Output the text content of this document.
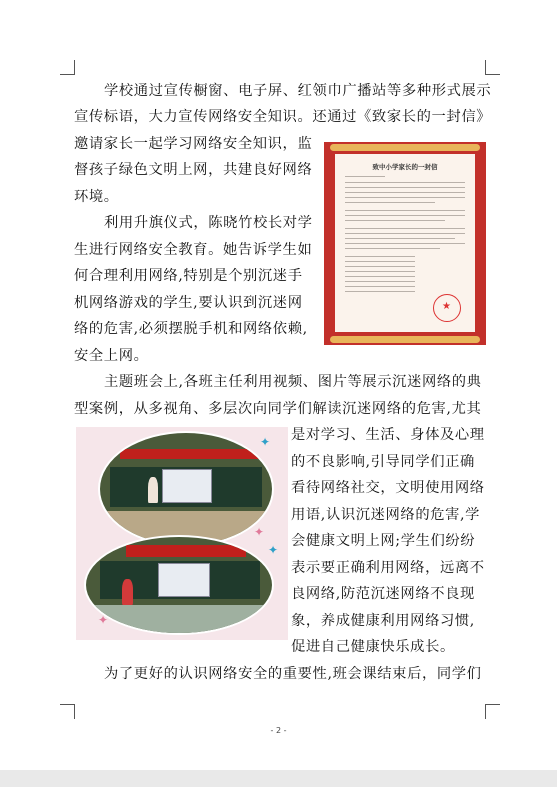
学校通过宣传橱窗、电子屏、红领巾广播站等多种形式展示

宣传标语，大力宣传网络安全知识。还通过《致家长的一封信》

邀请家长一起学习网络安全知识，监

督孩子绿色文明上网，共建良好网络

环境。

利用升旗仪式，陈晓竹校长对学

生进行网络安全教育。她告诉学生如

何合理利用网络,特别是个别沉迷手

机网络游戏的学生,要认识到沉迷网

络的危害,必须摆脱手机和网络依赖,

安全上网。

主题班会上,各班主任利用视频、图片等展示沉迷网络的典

型案例，从多视角、多层次向同学们解读沉迷网络的危害,尤其

是对学习、生活、身体及心理

的不良影响,引导同学们正确

看待网络社交，文明使用网络

用语,认识沉迷网络的危害,学

会健康文明上网;学生们纷纷

表示要正确利用网络，远离不

良网络,防范沉迷网络不良现

象，养成健康利用网络习惯,

促进自己健康快乐成长。

为了更好的认识网络安全的重要性,班会课结束后，同学们

致中小学家长的一封信
★
✦
✦
✦
✦
- 2 -
